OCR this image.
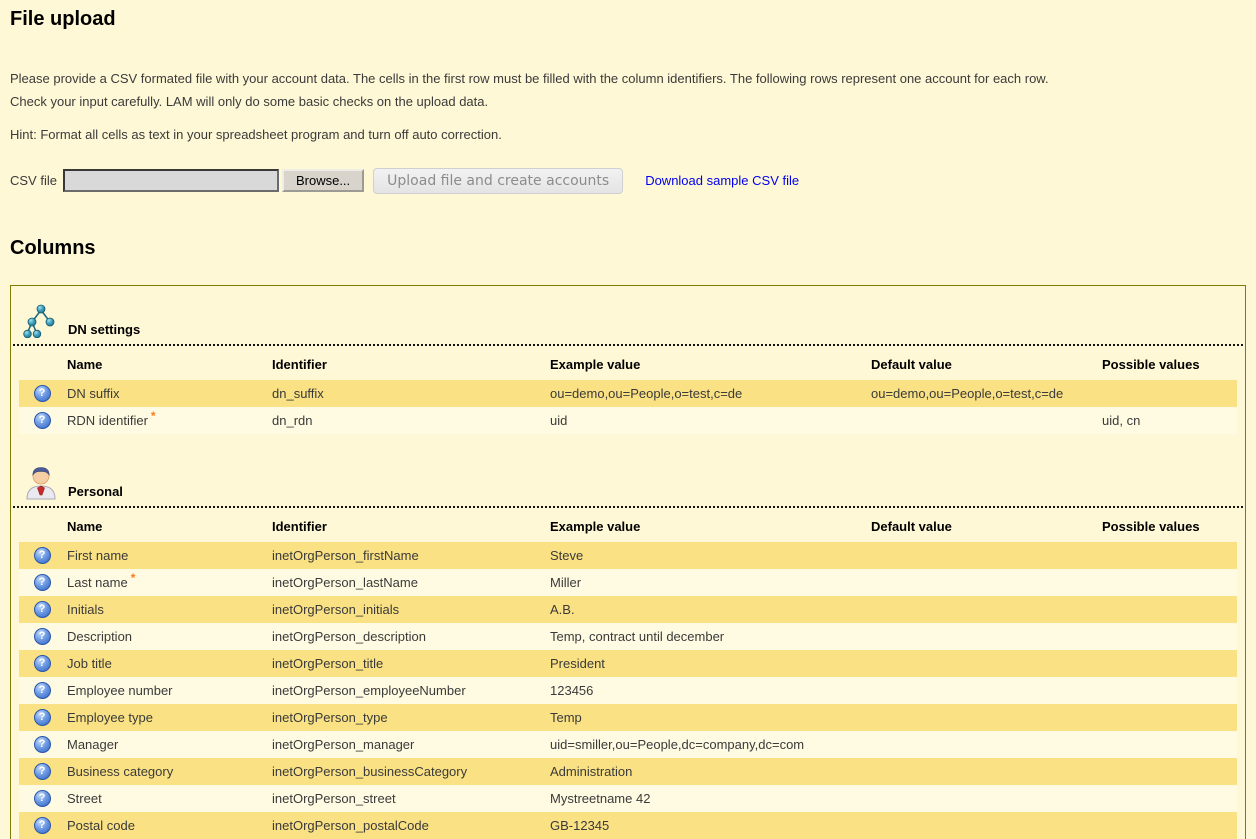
File upload

Please provide a CSV formated file with your account data. The cells in the first row must be filled with the column identifiers. The following rows represent one account for each row.
Check your input carefully. LAM will only do some basic checks on the upload data.

Hint: Format all cells as text in your spreadsheet program and turn off auto correction.

CSV file	Browse...	Upload file and create accounts	Download sample CSV file
Columns
DN settings
	Name	Identifier	Example value	Default value	Possible values
?	DN suffix	dn_suffix	ou=demo,ou=People,o=test,c=de	ou=demo,ou=People,o=test,c=de	
?	RDN identifier *	dn_rdn	uid		uid, cn
Personal
	Name	Identifier	Example value	Default value	Possible values
?	First name	inetOrgPerson_firstName	Steve		
?	Last name *	inetOrgPerson_lastName	Miller		
?	Initials	inetOrgPerson_initials	A.B.		
?	Description	inetOrgPerson_description	Temp, contract until december		
?	Job title	inetOrgPerson_title	President		
?	Employee number	inetOrgPerson_employeeNumber	123456		
?	Employee type	inetOrgPerson_type	Temp		
?	Manager	inetOrgPerson_manager	uid=smiller,ou=People,dc=company,dc=com		
?	Business category	inetOrgPerson_businessCategory	Administration		
?	Street	inetOrgPerson_street	Mystreetname 42		
?	Postal code	inetOrgPerson_postalCode	GB-12345		
